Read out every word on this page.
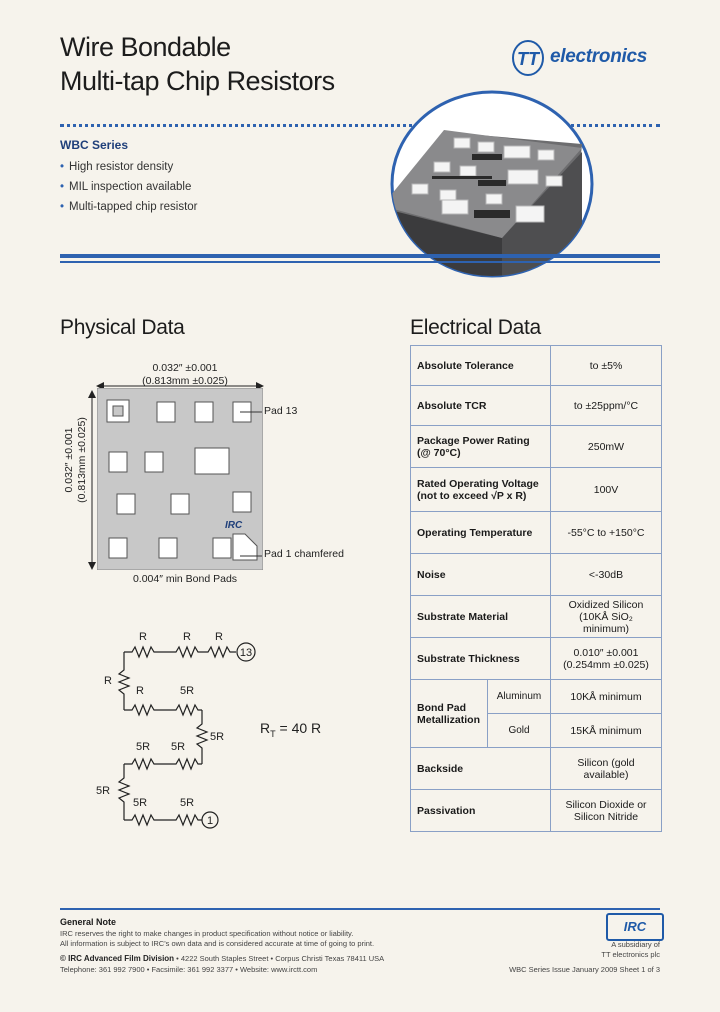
Wire Bondable
Multi-tap Chip Resistors
TT electronics
WBC Series
• High resistor density
• MIL inspection available
• Multi-tapped chip resistor
Physical Data
0.032″ ±0.001
(0.813mm ±0.025)
0.032″ ±0.001 (0.813mm ±0.025)
IRC
Pad 13
Pad 1 chamfered
0.004″ min Bond Pads
R	R R
R
R	5R
5R
5R 5R
5R
5R	5R
13
1
$R_T = 40$ R
Electrical Data
Absolute Tolerance		to ±5%
Absolute TCR		to ±25ppm/°C
Package Power Rating (@ 70°C)		250mW
Rated Operating Voltage (not to exceed √P x R)		100V
Operating Temperature		-55°C to +150°C
Noise		<-30dB
Substrate Material		Oxidized Silicon (10KÅ SiO₂ minimum)
Substrate Thickness		0.010″ ±0.001 (0.254mm ±0.025)
Bond Pad Metallization	Aluminum	10KÅ minimum
	Gold	15KÅ minimum
Backside		Silicon (gold available)
Passivation		Silicon Dioxide or Silicon Nitride
General Note
IRC reserves the right to make changes in product specification without notice or liability.
All information is subject to IRC's own data and is considered accurate at time of going to print.
© IRC Advanced Film Division • 4222 South Staples Street • Corpus Christi Texas 78411 USA
Telephone: 361 992 7900 • Facsimile: 361 992 3377 • Website: www.irctt.com
IRC
A subsidiary of
TT electronics plc
WBC Series Issue January 2009 Sheet 1 of 3
